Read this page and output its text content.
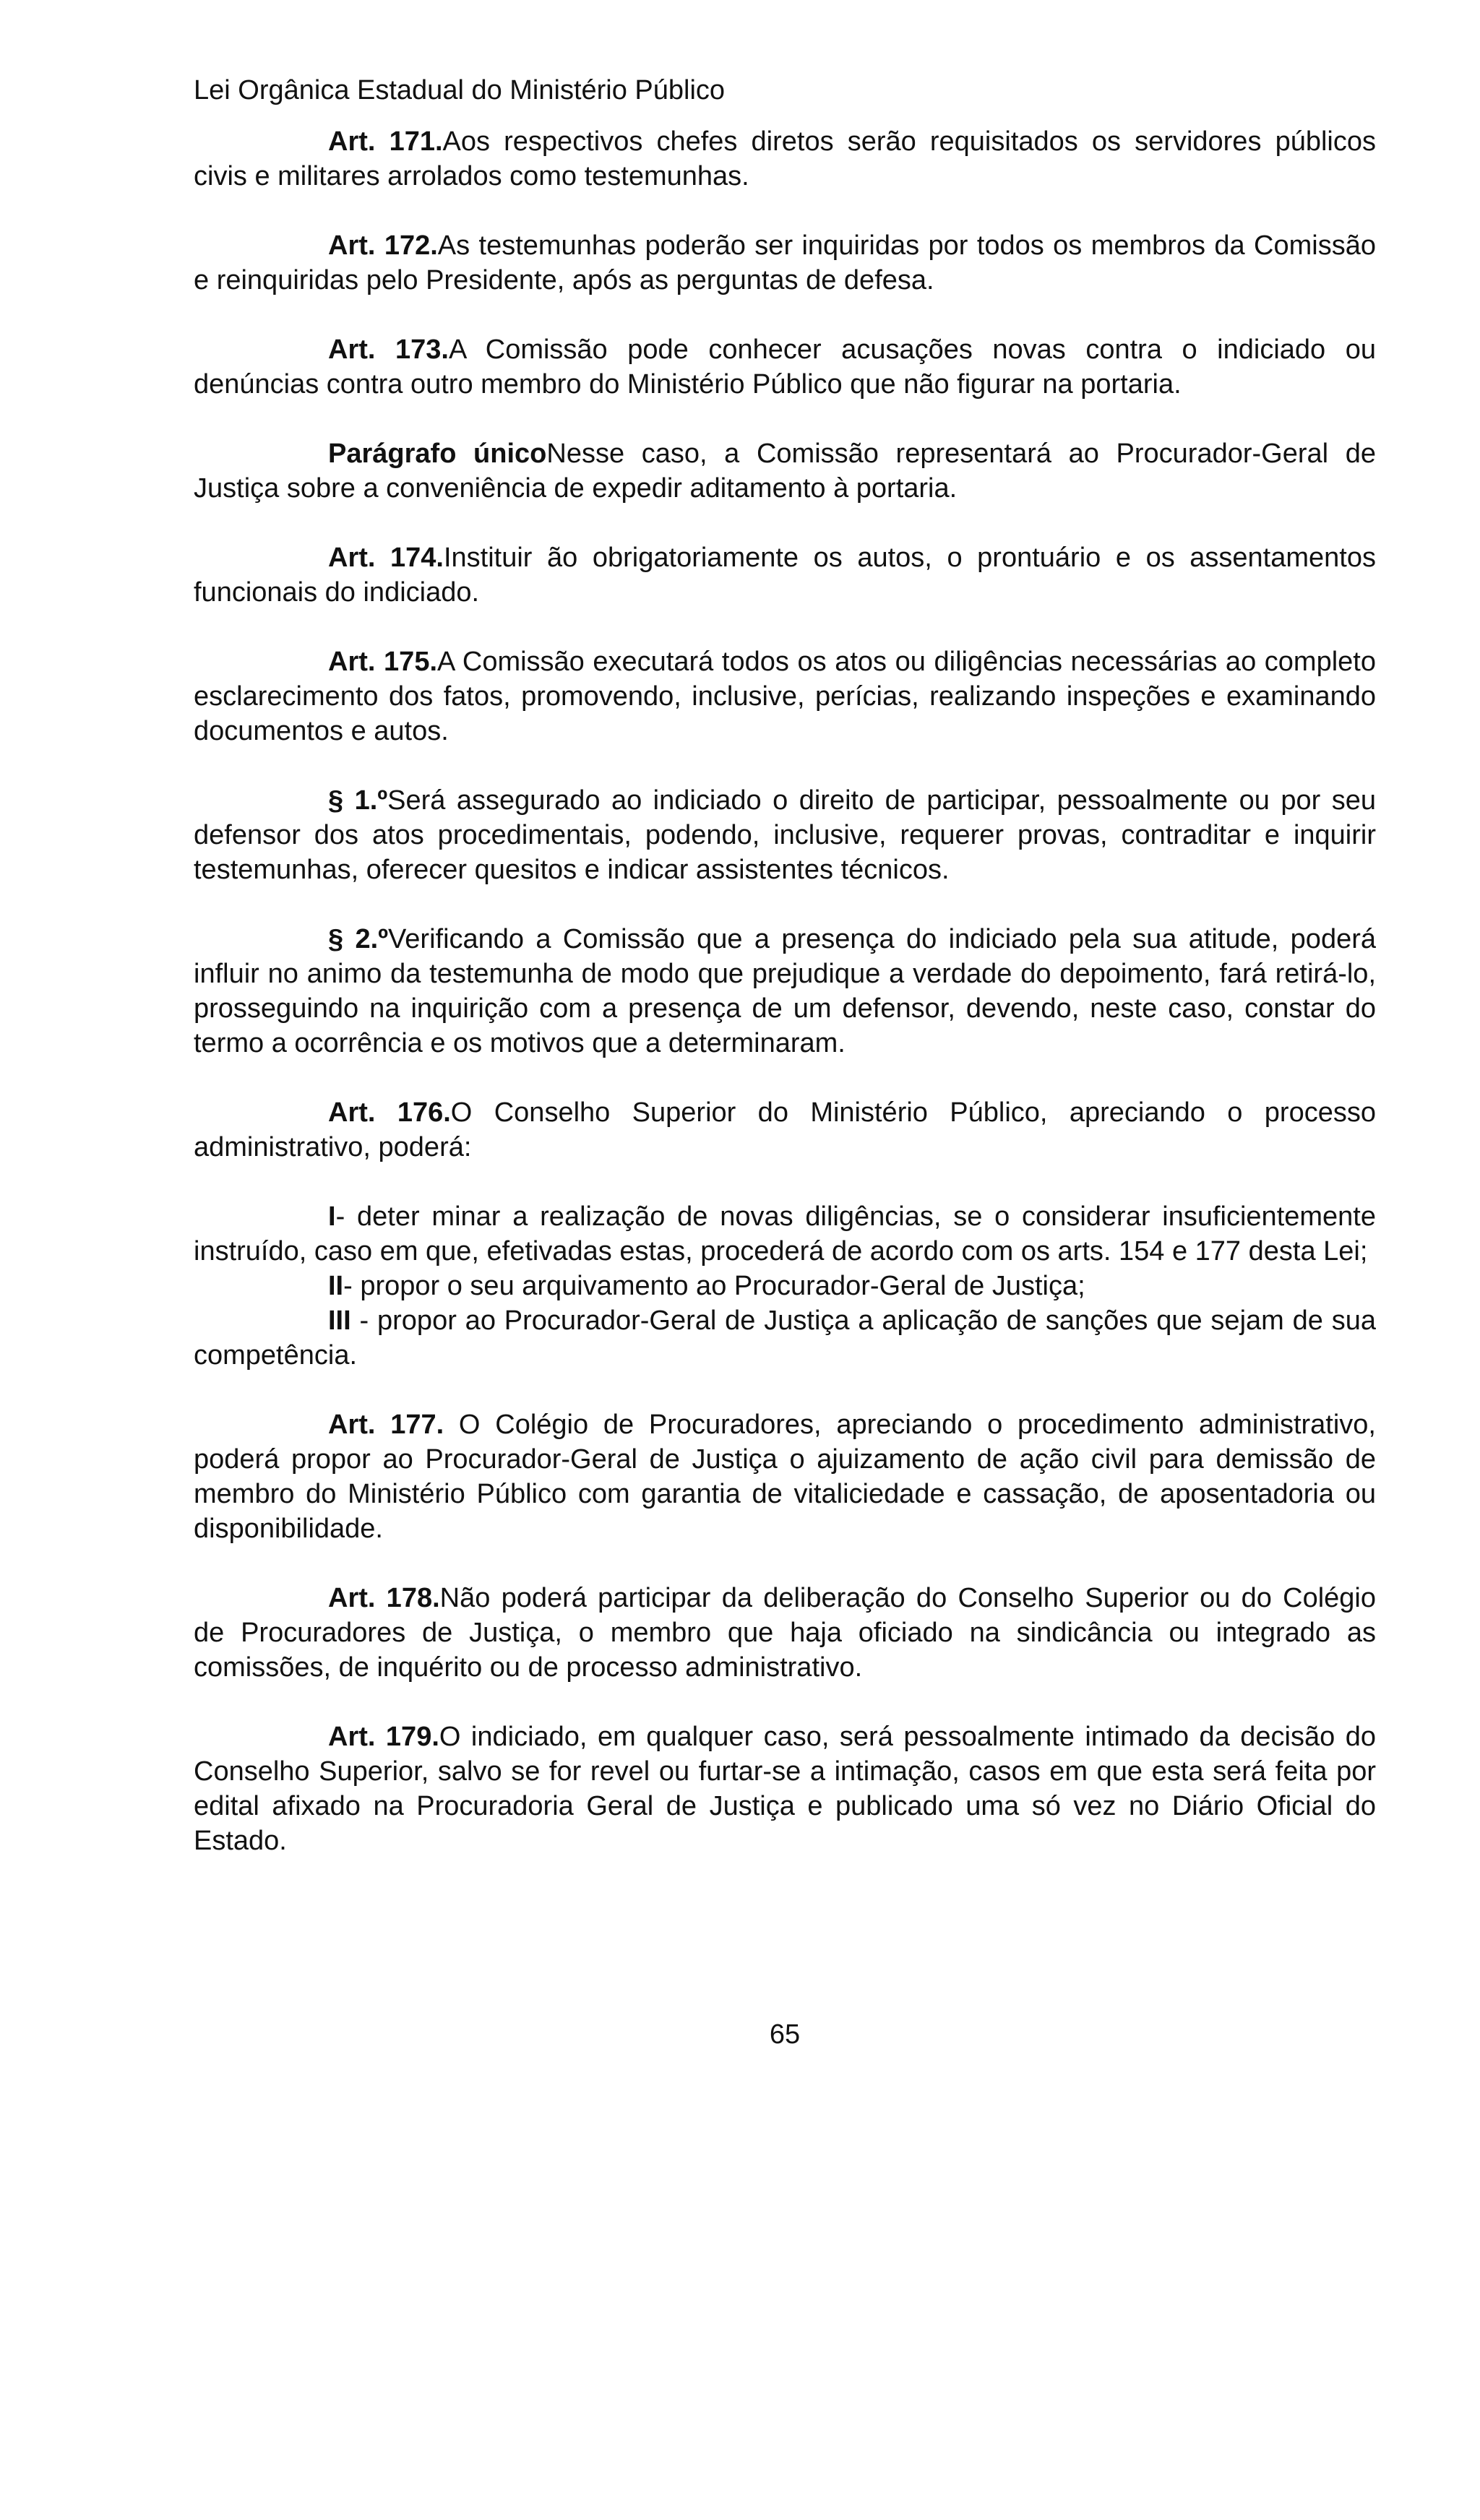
Lei Orgânica Estadual do Ministério Público

Art. 171.Aos respectivos chefes diretos serão requisitados os servidores públicos civis e militares arrolados como testemunhas.

Art. 172.As testemunhas poderão ser inquiridas por todos os membros da Comissão e reinquiridas pelo Presidente, após as perguntas de defesa.

Art. 173.A Comissão pode conhecer acusações novas contra o indiciado ou denúncias contra outro membro do Ministério Público que não figurar na portaria.

Parágrafo únicoNesse caso, a Comissão representará ao Procurador-Geral de Justiça sobre a conveniência de expedir aditamento à portaria.

Art. 174.Instituir ão obrigatoriamente os autos, o prontuário e os assentamentos funcionais do indiciado.

Art. 175.A Comissão executará todos os atos ou diligências necessárias ao completo esclarecimento dos fatos, promovendo, inclusive, perícias, realizando inspeções e examinando documentos e autos.

§ 1.ºSerá assegurado ao indiciado o direito de participar, pessoalmente ou por seu defensor dos atos procedimentais, podendo, inclusive, requerer provas, contraditar e inquirir testemunhas, oferecer quesitos e indicar assistentes técnicos.

§ 2.ºVerificando a Comissão que a presença do indiciado pela sua atitude, poderá influir no animo da testemunha de modo que prejudique a verdade do depoimento, fará retirá-lo, prosseguindo na inquirição com a presença de um defensor, devendo, neste caso, constar do termo a ocorrência e os motivos que a determinaram.

Art. 176.O Conselho Superior do Ministério Público, apreciando o processo administrativo, poderá:

I- deter minar a realização de novas diligências, se o considerar insuficientemente instruído, caso em que, efetivadas estas, procederá de acordo com os arts. 154 e 177 desta Lei;

II- propor o seu arquivamento ao Procurador-Geral de Justiça;

III - propor ao Procurador-Geral de Justiça a aplicação de sanções que sejam de sua competência.

Art. 177. O Colégio de Procuradores, apreciando o procedimento administrativo, poderá propor ao Procurador-Geral de Justiça o ajuizamento de ação civil para demissão de membro do Ministério Público com garantia de vitaliciedade e cassação, de aposentadoria ou disponibilidade.

Art. 178.Não poderá participar da deliberação do Conselho Superior ou do Colégio de Procuradores de Justiça, o membro que haja oficiado na sindicância ou integrado as comissões, de inquérito ou de processo administrativo.

Art. 179.O indiciado, em qualquer caso, será pessoalmente intimado da decisão do Conselho Superior, salvo se for revel ou furtar-se a intimação, casos em que esta será feita por edital afixado na Procuradoria Geral de Justiça e publicado uma só vez no Diário Oficial do Estado.

65
